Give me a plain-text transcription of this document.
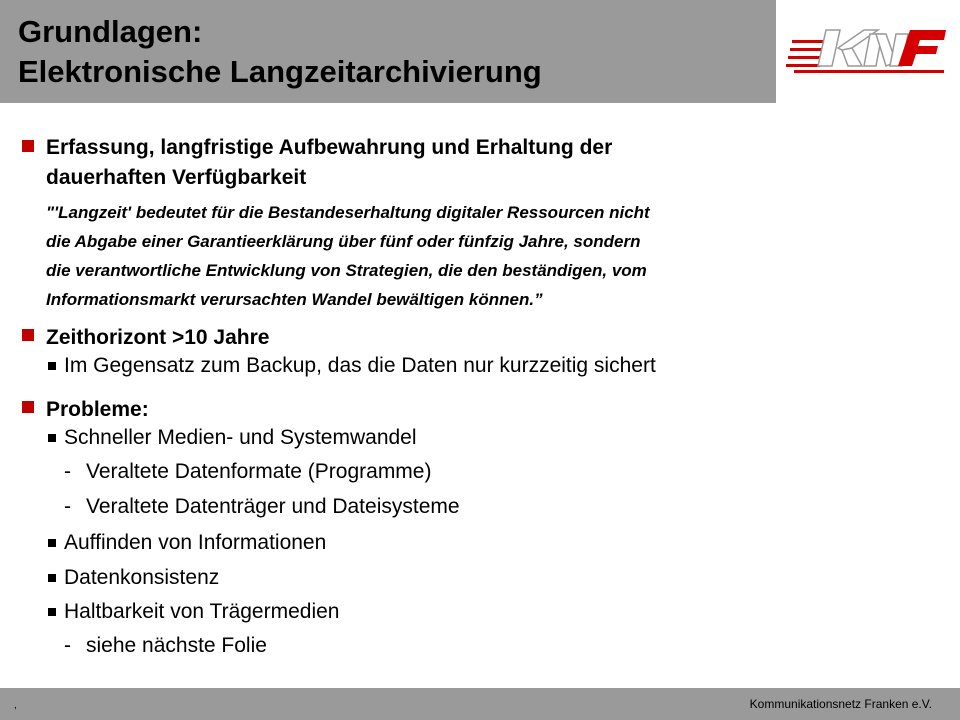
Grundlagen:
Elektronische Langzeitarchivierung
Erfassung, langfristige Aufbewahrung und Erhaltung der
dauerhaften Verfügbarkeit
"'Langzeit' bedeutet für die Bestandeserhaltung digitaler Ressourcen nicht
die Abgabe einer Garantieerklärung über fünf oder fünfzig Jahre, sondern
die verantwortliche Entwicklung von Strategien, die den beständigen, vom
Informationsmarkt verursachten Wandel bewältigen können.”
Zeithorizont >10 Jahre
Im Gegensatz zum Backup, das die Daten nur kurzzeitig sichert
Probleme:
Schneller Medien- und Systemwandel
- Veraltete Datenformate (Programme)
- Veraltete Datenträger und Dateisysteme
Auffinden von Informationen
Datenkonsistenz
Haltbarkeit von Trägermedien
- siehe nächste Folie
,	Kommunikationsnetz Franken e.V.
